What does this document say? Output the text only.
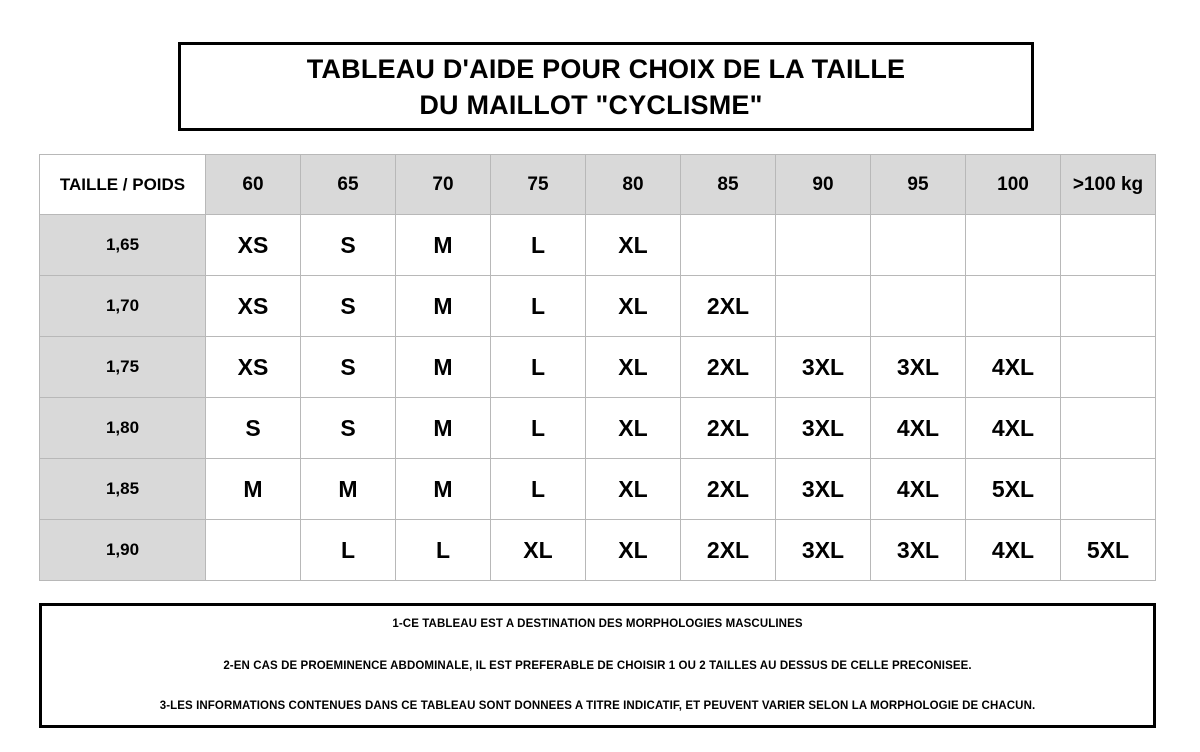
TABLEAU D'AIDE POUR CHOIX DE LA TAILLE
DU MAILLOT "CYCLISME"
TAILLE / POIDS	60	65	70	75	80	85	90	95	100	>100 kg
1,65	XS	S	M	L	XL					
1,70	XS	S	M	L	XL	2XL				
1,75	XS	S	M	L	XL	2XL	3XL	3XL	4XL	
1,80	S	S	M	L	XL	2XL	3XL	4XL	4XL	
1,85	M	M	M	L	XL	2XL	3XL	4XL	5XL	
1,90		L	L	XL	XL	2XL	3XL	3XL	4XL	5XL
1-CE TABLEAU EST A DESTINATION DES MORPHOLOGIES MASCULINES
2-EN CAS DE PROEMINENCE ABDOMINALE, IL EST PREFERABLE DE CHOISIR 1 OU 2 TAILLES AU DESSUS DE CELLE PRECONISEE.
3-LES INFORMATIONS CONTENUES DANS CE TABLEAU SONT DONNEES A TITRE INDICATIF, ET PEUVENT VARIER SELON LA MORPHOLOGIE DE CHACUN.
